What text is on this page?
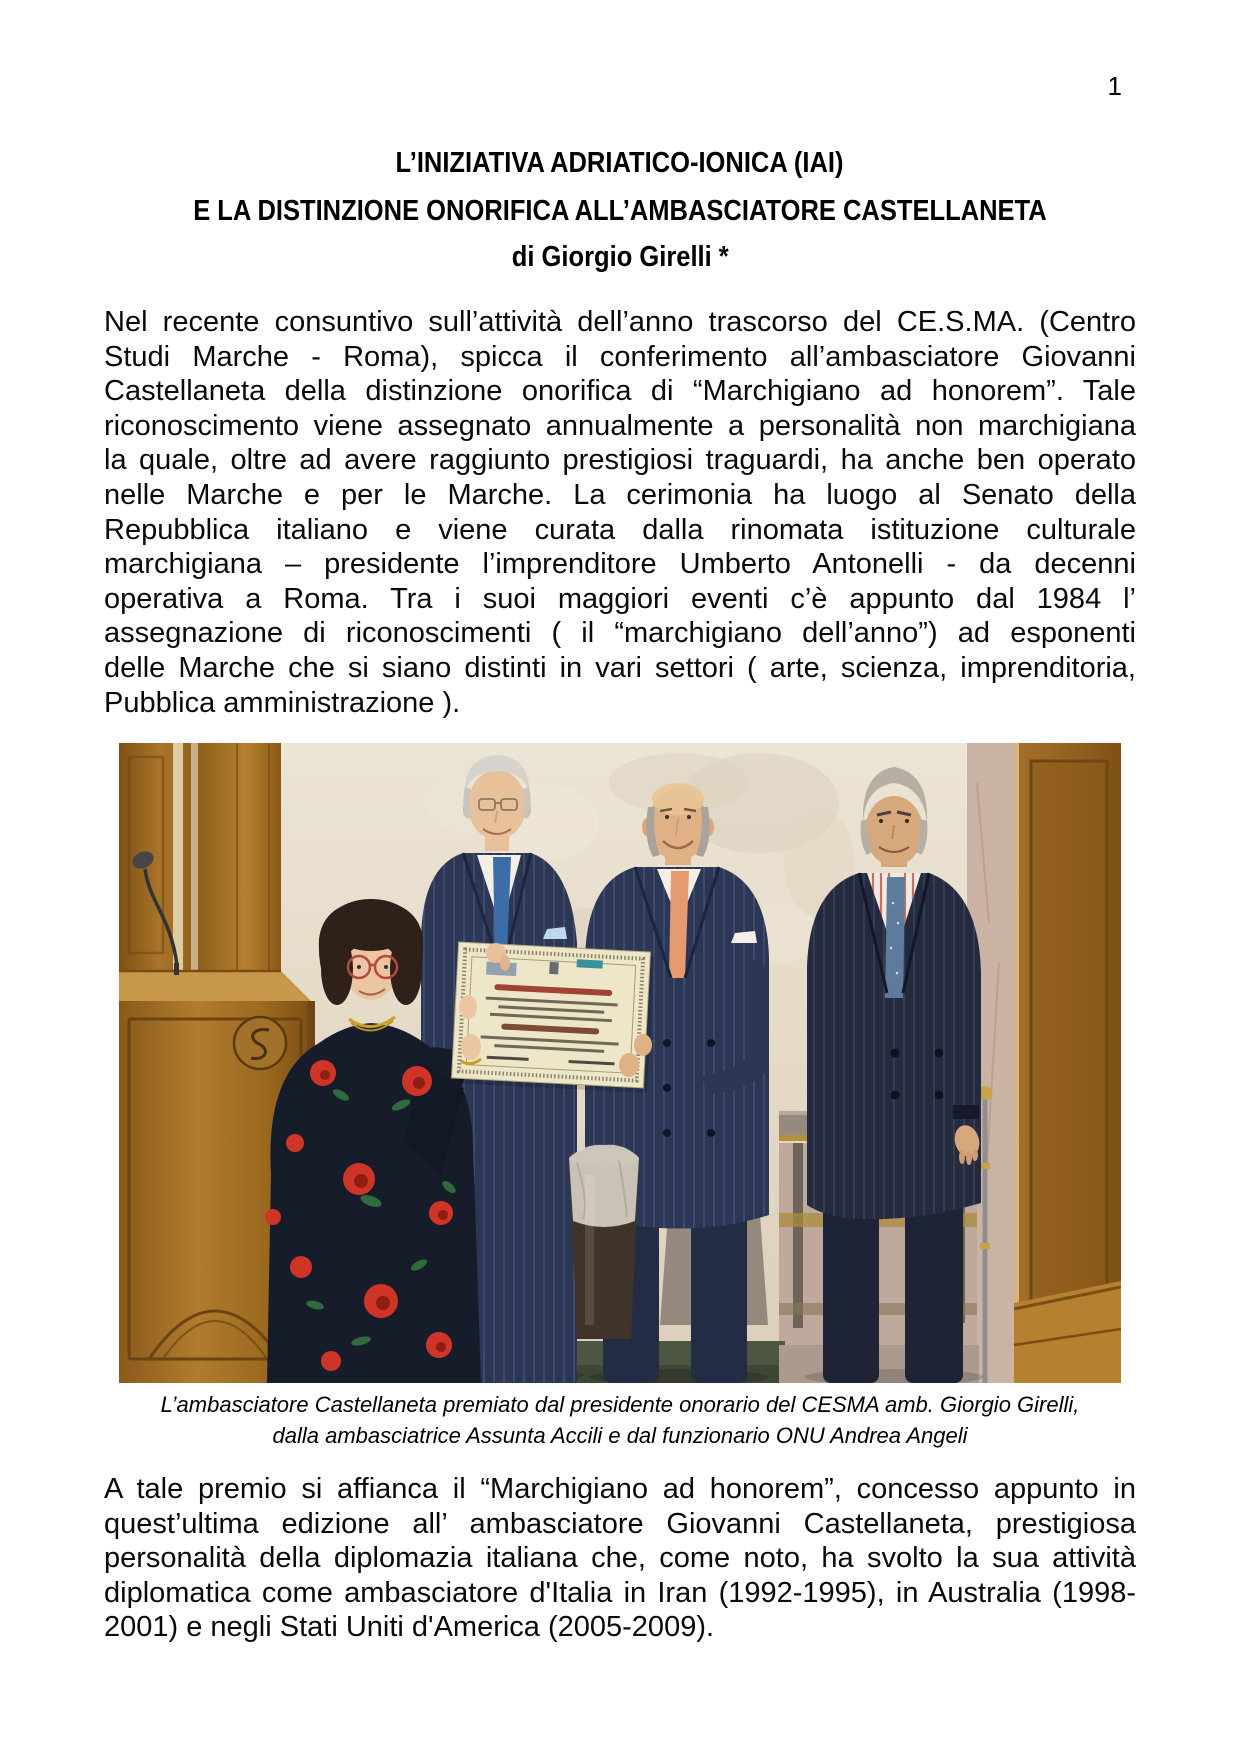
1
L’INIZIATIVA ADRIATICO-IONICA (IAI)
E LA DISTINZIONE ONORIFICA ALL’AMBASCIATORE CASTELLANETA
di Giorgio Girelli *
Nel recente consuntivo sull’attività dell’anno trascorso del CE.S.MA. (Centro
Studi Marche - Roma), spicca il conferimento all’ambasciatore Giovanni
Castellaneta della distinzione onorifica di “Marchigiano ad honorem”. Tale
riconoscimento viene assegnato annualmente a personalità non marchigiana
la quale, oltre ad avere raggiunto prestigiosi traguardi, ha anche ben operato
nelle Marche e per le Marche. La cerimonia ha luogo al Senato della
Repubblica italiano e viene curata dalla rinomata istituzione culturale
marchigiana – presidente l’imprenditore Umberto Antonelli - da decenni
operativa a Roma. Tra i suoi maggiori eventi c’è appunto dal 1984 l’
assegnazione di riconoscimenti ( il “marchigiano dell’anno”) ad esponenti
delle Marche che si siano distinti in vari settori ( arte, scienza, imprenditoria,
Pubblica amministrazione ).
L’ambasciatore Castellaneta premiato dal presidente onorario del CESMA amb. Giorgio Girelli,
dalla ambasciatrice Assunta Accili e dal funzionario ONU Andrea Angeli
A tale premio si affianca il “Marchigiano ad honorem”, concesso appunto in
quest’ultima edizione all’ ambasciatore Giovanni Castellaneta, prestigiosa
personalità della diplomazia italiana che, come noto, ha svolto la sua attività
diplomatica come ambasciatore d'Italia in Iran (1992-1995), in Australia (1998-
2001) e negli Stati Uniti d'America (2005-2009).
